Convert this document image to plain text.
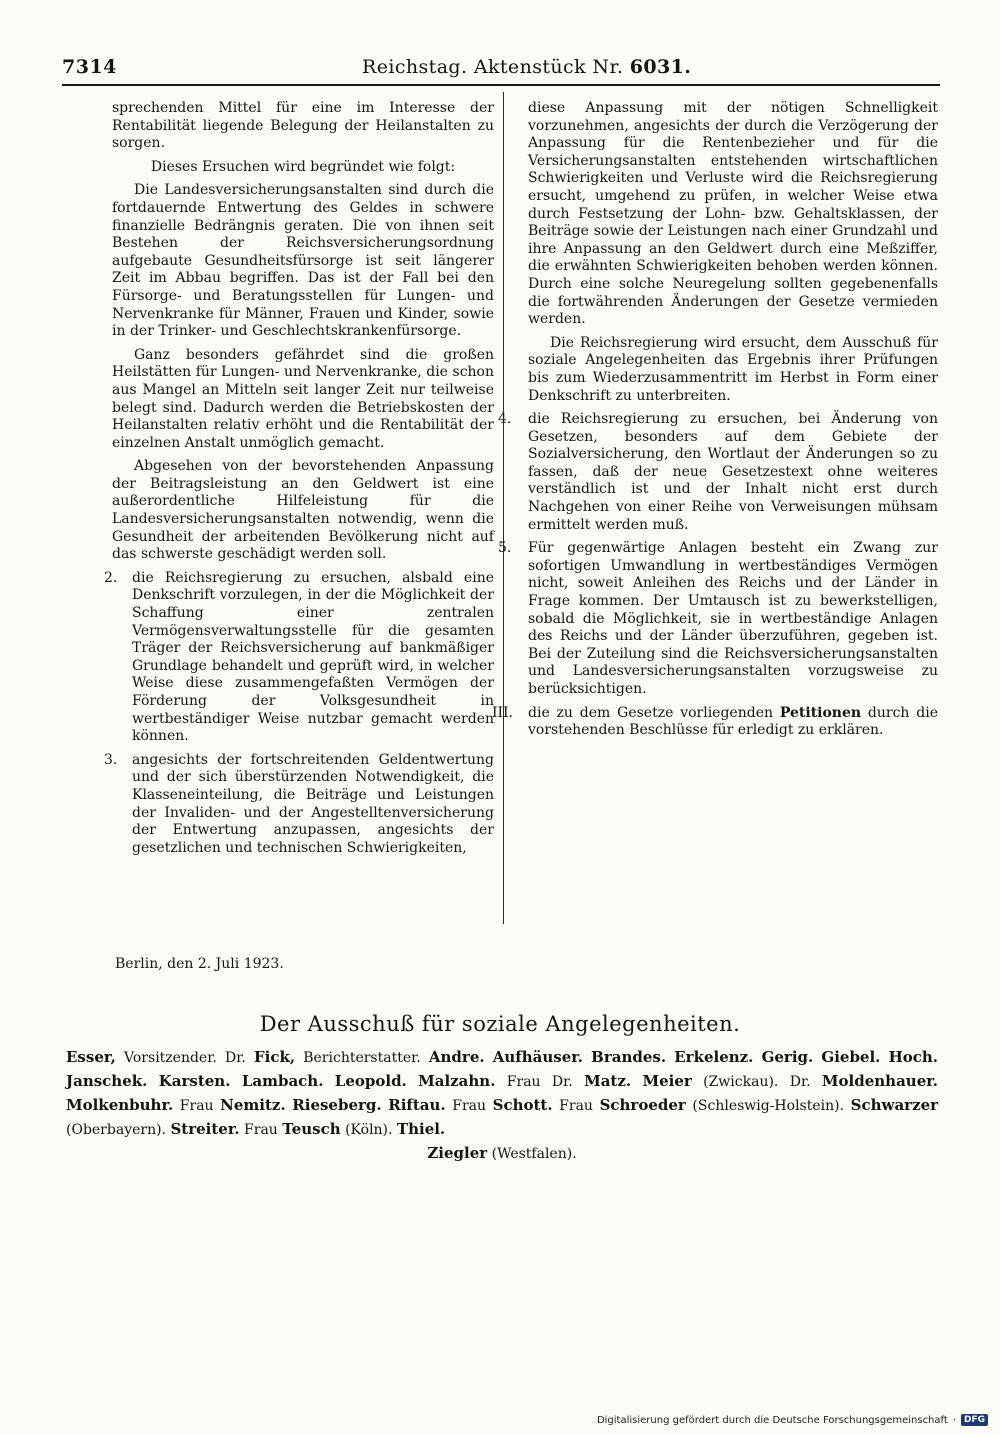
7314	Reichstag. Aktenstück Nr. 6031.

sprechenden Mittel für eine im Interesse der Rentabilität liegende Belegung der Heilanstalten zu sorgen.

Dieses Ersuchen wird begründet wie folgt:

Die Landesversicherungsanstalten sind durch die fortdauernde Entwertung des Geldes in schwere finanzielle Bedrängnis geraten. Die von ihnen seit Bestehen der Reichsversicherungsordnung aufgebaute Gesundheitsfürsorge ist seit längerer Zeit im Abbau begriffen. Das ist der Fall bei den Fürsorge- und Beratungsstellen für Lungen- und Nervenkranke für Männer, Frauen und Kinder, sowie in der Trinker- und Geschlechtskrankenfürsorge.

Ganz besonders gefährdet sind die großen Heilstätten für Lungen- und Nervenkranke, die schon aus Mangel an Mitteln seit langer Zeit nur teilweise belegt sind. Dadurch werden die Betriebskosten der Heilanstalten relativ erhöht und die Rentabilität der einzelnen Anstalt unmöglich gemacht.

Abgesehen von der bevorstehenden Anpassung der Beitragsleistung an den Geldwert ist eine außerordentliche Hilfeleistung für die Landesversicherungsanstalten notwendig, wenn die Gesundheit der arbeitenden Bevölkerung nicht auf das schwerste geschädigt werden soll.

2. die Reichsregierung zu ersuchen, alsbald eine Denkschrift vorzulegen, in der die Möglichkeit der Schaffung einer zentralen Vermögensverwaltungsstelle für die gesamten Träger der Reichsversicherung auf bankmäßiger Grundlage behandelt und geprüft wird, in welcher Weise diese zusammengefaßten Vermögen der Förderung der Volksgesundheit in wertbeständiger Weise nutzbar gemacht werden können.
3. angesichts der fortschreitenden Geldentwertung und der sich überstürzenden Notwendigkeit, die Klasseneinteilung, die Beiträge und Leistungen der Invaliden- und der Angestelltenversicherung der Entwertung anzupassen, angesichts der gesetzlichen und technischen Schwierigkeiten,

diese Anpassung mit der nötigen Schnelligkeit vorzunehmen, angesichts der durch die Verzögerung der Anpassung für die Rentenbezieher und für die Versicherungsanstalten entstehenden wirtschaftlichen Schwierigkeiten und Verluste wird die Reichsregierung ersucht, umgehend zu prüfen, in welcher Weise etwa durch Festsetzung der Lohn- bzw. Gehaltsklassen, der Beiträge sowie der Leistungen nach einer Grundzahl und ihre Anpassung an den Geldwert durch eine Meßziffer, die erwähnten Schwierigkeiten behoben werden können. Durch eine solche Neuregelung sollten gegebenenfalls die fortwährenden Änderungen der Gesetze vermieden werden.

Die Reichsregierung wird ersucht, dem Ausschuß für soziale Angelegenheiten das Ergebnis ihrer Prüfungen bis zum Wiederzusammentritt im Herbst in Form einer Denkschrift zu unterbreiten.

4. die Reichsregierung zu ersuchen, bei Änderung von Gesetzen, besonders auf dem Gebiete der Sozialversicherung, den Wortlaut der Änderungen so zu fassen, daß der neue Gesetzestext ohne weiteres verständlich ist und der Inhalt nicht erst durch Nachgehen von einer Reihe von Verweisungen mühsam ermittelt werden muß.
5. Für gegenwärtige Anlagen besteht ein Zwang zur sofortigen Umwandlung in wertbeständiges Vermögen nicht, soweit Anleihen des Reichs und der Länder in Frage kommen. Der Umtausch ist zu bewerkstelligen, sobald die Möglichkeit, sie in wertbeständige Anlagen des Reichs und der Länder überzuführen, gegeben ist. Bei der Zuteilung sind die Reichsversicherungsanstalten und Landesversicherungsanstalten vorzugsweise zu berücksichtigen.
III. die zu dem Gesetze vorliegenden Petitionen durch die vorstehenden Beschlüsse für erledigt zu erklären.
Berlin, den 2. Juli 1923.
Der Ausschuß für soziale Angelegenheiten.
Esser, Vorsitzender. Dr. Fick, Berichterstatter. Andre. Aufhäuser. Brandes. Erkelenz. Gerig. Giebel. Hoch. Janschek. Karsten. Lambach. Leopold. Malzahn. Frau Dr. Matz. Meier (Zwickau). Dr. Moldenhauer. Molkenbuhr. Frau Nemitz. Rieseberg. Riftau. Frau Schott. Frau Schroeder (Schleswig-Holstein). Schwarzer (Oberbayern). Streiter. Frau Teusch (Köln). Thiel.
Ziegler (Westfalen).
Digitalisierung gefördert durch die Deutsche Forschungsgemeinschaft · DFG
